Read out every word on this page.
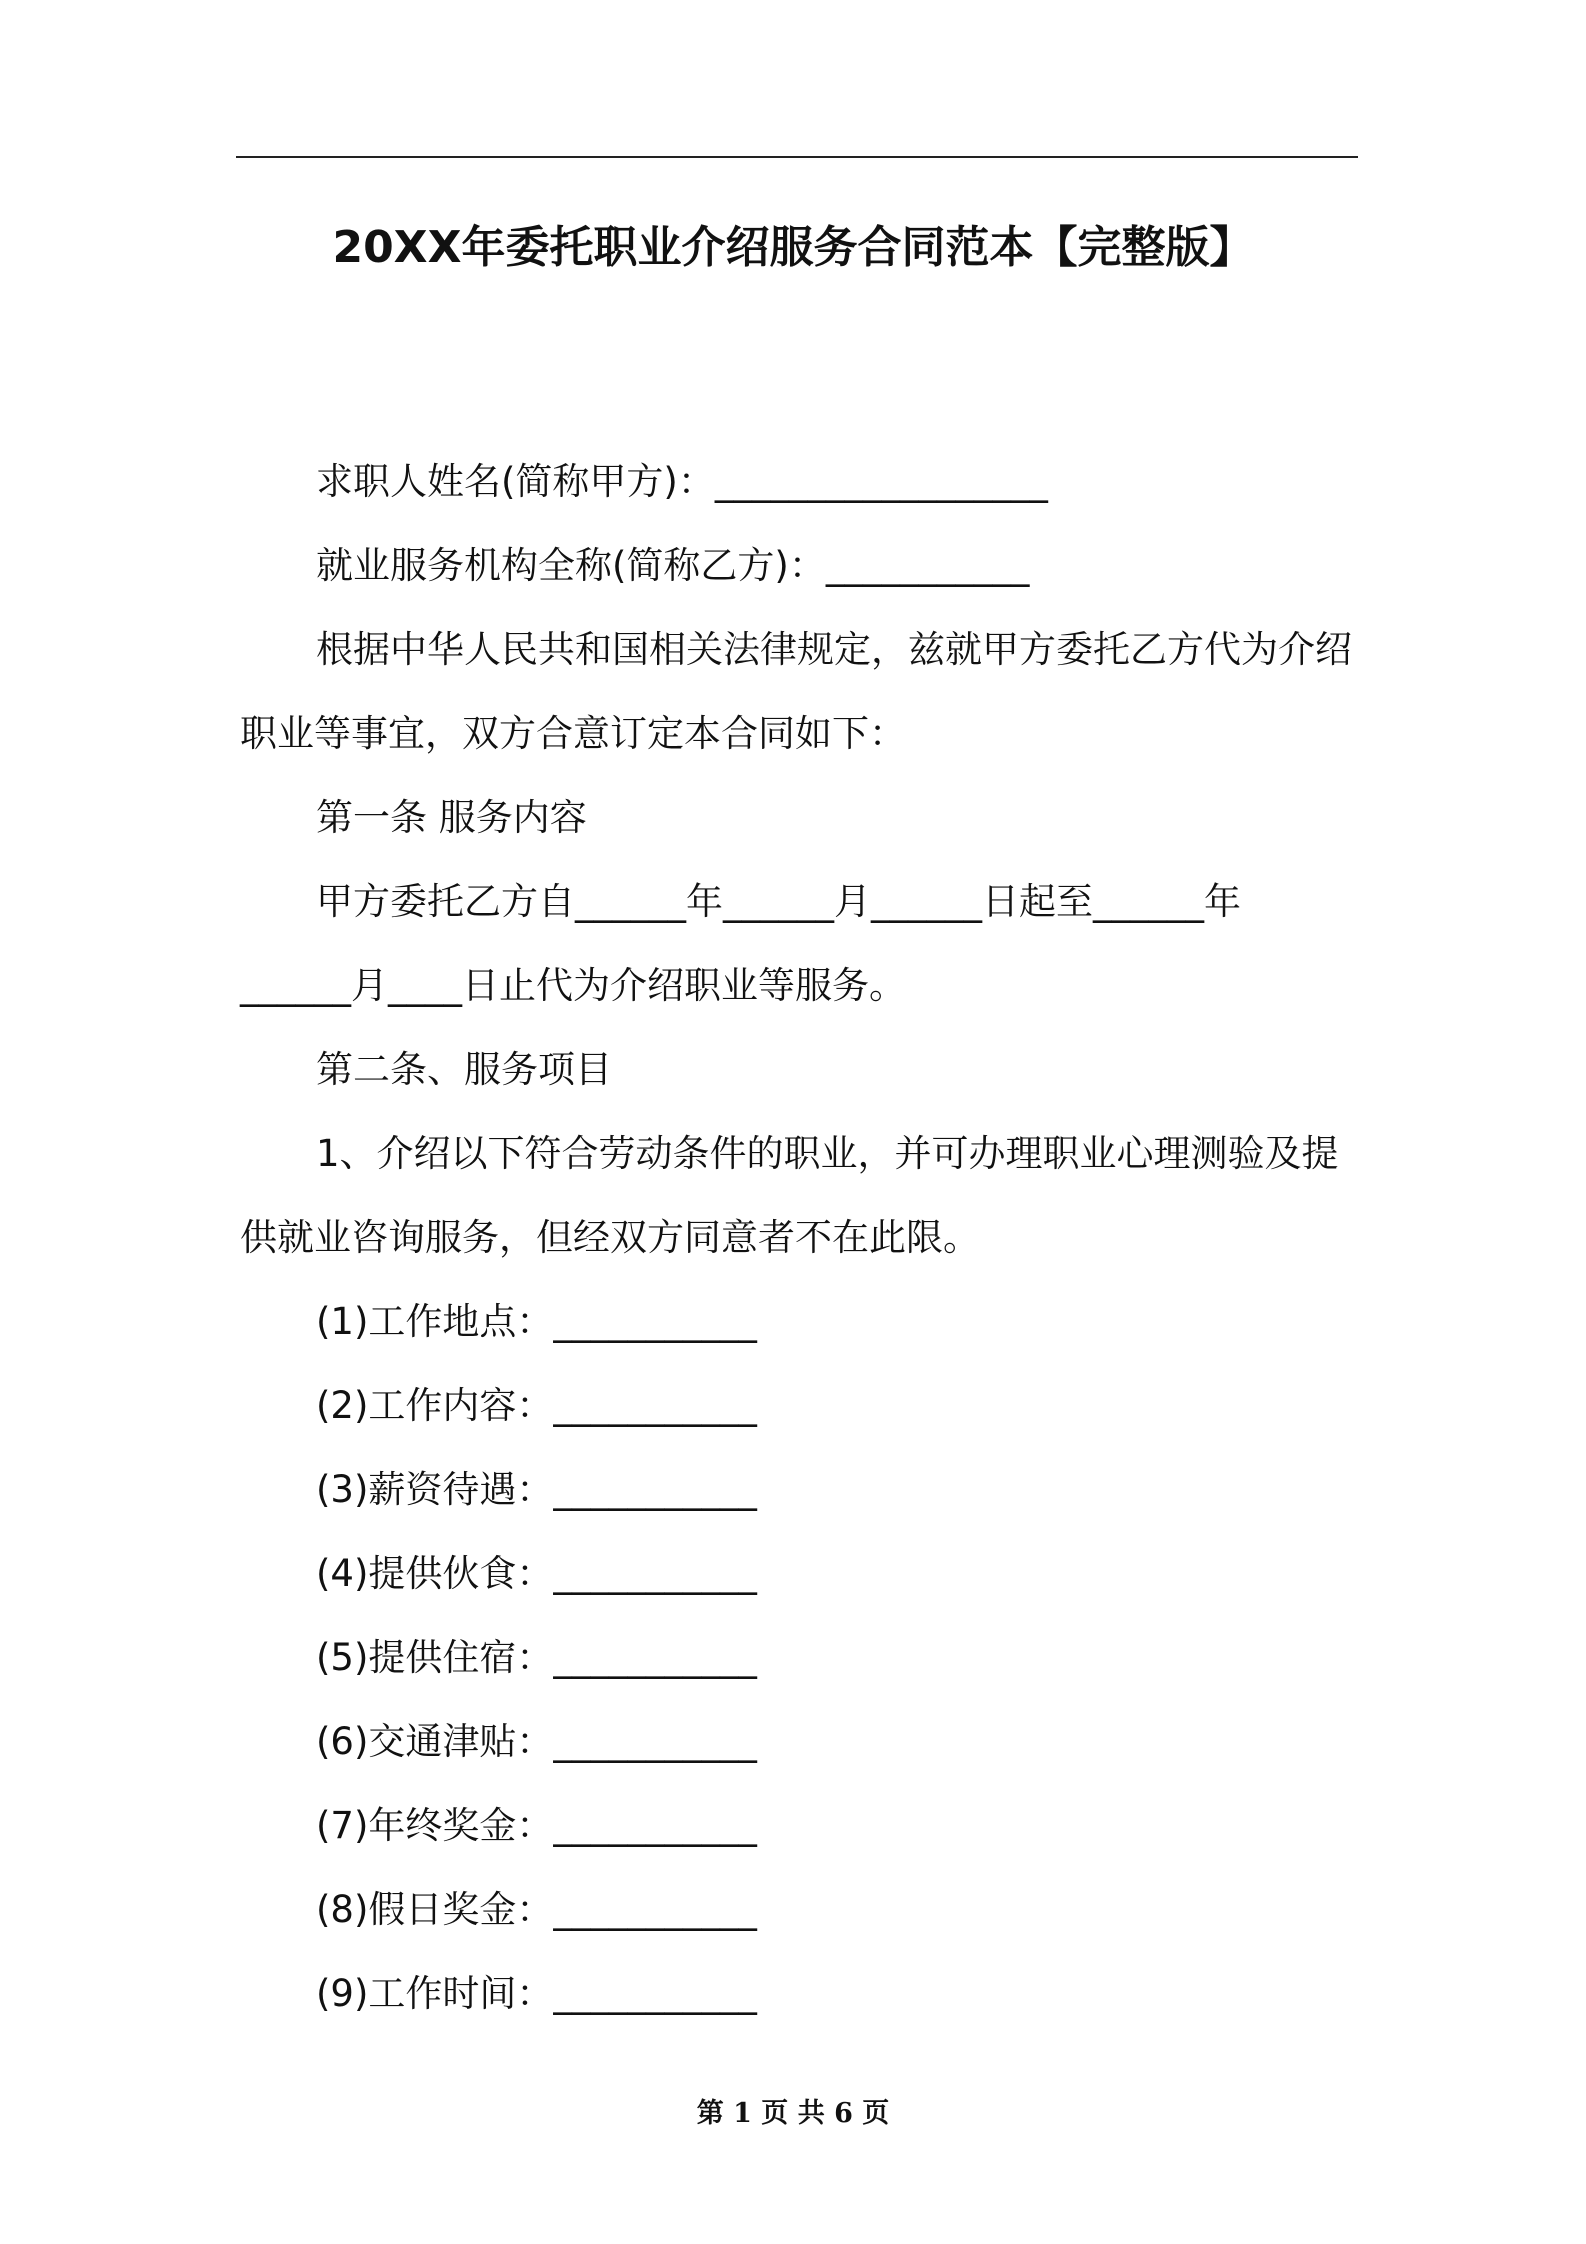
20XX年委托职业介绍服务合同范本【完整版】

求职人姓名(简称甲方)：__________________

就业服务机构全称(简称乙方)：___________

根据中华人民共和国相关法律规定，兹就甲方委托乙方代为介绍

职业等事宜，双方合意订定本合同如下：

第一条 服务内容

甲方委托乙方自______年______月______日起至______年

______月____日止代为介绍职业等服务。

第二条、服务项目

1、介绍以下符合劳动条件的职业，并可办理职业心理测验及提

供就业咨询服务，但经双方同意者不在此限。

(1)工作地点：___________

(2)工作内容：___________

(3)薪资待遇：___________

(4)提供伙食：___________

(5)提供住宿：___________

(6)交通津贴：___________

(7)年终奖金：___________

(8)假日奖金：___________

(9)工作时间：___________

第 1 页 共 6 页
